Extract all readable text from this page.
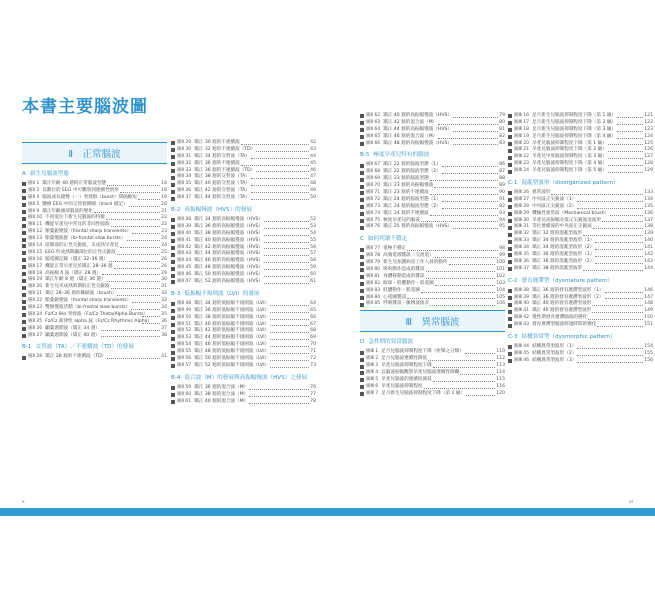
本書主要腦波圖
Ⅱ　正常腦波
A 新生兒腦波型態
圖Ⅱ 1 矯正年齡 40 週時正常腦波型態	18
圖Ⅱ 2 以數位的 EEG 中可觀察到連續性情形	18
圖Ⅱ 4 腦波成長趨勢（一）突發群（burst）間隔縮短	19
圖Ⅱ 5 醫療 EEG 中的交替週期圖（tracé 描記）	20
圖Ⅱ 9 矯正年齡頭部腦波的變化	21
圖Ⅱ 10 不同電位下新生兒腦波的特徵	22
圖Ⅱ 11 機能早產兒中常見的非同性腦波	22
圖Ⅱ 12 額葉銳變波（frontal sharp transients）	23
圖Ⅱ 13 額葉慢波群（bi-frontal slow bursts）	24
圖Ⅱ 14 前額部的正性尖銳波，未成熟早產兒	24
圖Ⅱ 15 EEG 所成熟期顳部位的正性尖銳波	25
圖Ⅱ 16 腦電圖記錄（矯正 32–36 週）	26
圖Ⅱ 17 機能正常早產兒於矯正 28–36 週	26
圖Ⅱ 18 高振幅 δ 波（矯正 28 週）	29
圖Ⅱ 19 矯正年齡 8 週（矯正 36 週）	30
圖Ⅱ 20 新生兒未成熟時期的正性尖銳波	31
圖Ⅱ 21 矯正 28–36 週的棘刷波（brush）	32
圖Ⅱ 22 額葉銳變波（frontal sharp transients）	32
圖Ⅱ 23 雙額慢波活動（bi-frontal slow bursts）	34
圖Ⅱ 24 Fz/Cz θ/α 突發波（Fz/Cz Theta/Alpha Bursts）	35
圖Ⅱ 25 Fz/Cz 節律性 alpha 波（Fz/Cz Rhythmic Alpha） 36
圖Ⅱ 26 顳葉週期波（矯正 34 週）	37
圖Ⅱ 27 顳葉週期波（矯正 40 週）	38
B-1 交替波（TA）／不連續波（TD）的發展
圖Ⅱ 28 矯正 28 週的不連續波（TD）	41
圖Ⅱ 29 矯正 30 週的不連續波	42
圖Ⅱ 30 矯正 32 週的不連續波（TD）	43
圖Ⅱ 31 矯正 34 週的交替波（TA）	44
圖Ⅱ 32 矯正 36 週的不連續波	45
圖Ⅱ 33 矯正 36 週的不連續波（TD）	46
圖Ⅱ 34 矯正 38 週的交替波（TA）	47
圖Ⅱ 35 矯正 40 週的交替波（TA）	48
圖Ⅱ 36 矯正 42 週的交替波（TA）	49
圖Ⅱ 37 矯正 44 週的交替波（TA）	50
B-2 高振幅慢波（HVS）的發展
圖Ⅱ 38 矯正 34 週的高振幅慢波（HVS）	52
圖Ⅱ 39 矯正 36 週的高振幅慢波（HVS）	53
圖Ⅱ 40 矯正 38 週的高振幅慢波（HVS）	54
圖Ⅱ 41 矯正 40 週的高振幅慢波（HVS）	55
圖Ⅱ 42 矯正 42 週的高振幅慢波（HVS）	56
圖Ⅱ 43 矯正 44 週的高振幅慢波（HVS）	57
圖Ⅱ 44 矯正 46 週的高振幅慢波（HVS）	58
圖Ⅱ 45 矯正 48 週的高振幅慢波（HVS）	59
圖Ⅱ 46 矯正 50 週的高振幅慢波（HVS）	60
圖Ⅱ 47 矯正 52 週的高振幅慢波（HVS）	61
B-3 低振幅不規則波（LVI）的發展
圖Ⅱ 48 矯正 34 週的低振幅不規則波（LVI）	64
圖Ⅱ 49 矯正 36 週的低振幅不規則波（LVI）	65
圖Ⅱ 50 矯正 38 週的低振幅不規則波（LVI）	66
圖Ⅱ 51 矯正 40 週的低振幅不規則波（LVI）	67
圖Ⅱ 52 矯正 42 週的低振幅不規則波（LVI）	68
圖Ⅱ 53 矯正 44 週的低振幅不規則波（LVI）	69
圖Ⅱ 54 矯正 46 週的低振幅不規則波（LVI）	70
圖Ⅱ 55 矯正 48 週的低振幅不規則波（LVI）	71
圖Ⅱ 56 矯正 50 週的低振幅不規則波（LVI）	72
圖Ⅱ 57 矯正 52 週的低振幅不規則波（LVI）	73
B-4 混合波（M）的發展與高振幅慢波（HVS）之發展
圖Ⅱ 59 矯正 36 週的混合波（M）	76
圖Ⅱ 60 矯正 38 週的混合波（M）	77
圖Ⅱ 61 矯正 40 週的混合波（M）	78
圖Ⅱ 62 矯正 40 週的高振幅慢波（HVS）	79
圖Ⅱ 63 矯正 42 週的混合波（M）	80
圖Ⅱ 64 矯正 44 週的高振幅慢波（HVS）	81
圖Ⅱ 65 矯正 46 週的混合波（M）	82
圖Ⅱ 66 矯正 48 週的高振幅慢波（HVS）	83
B-5 極度早產兒特有的腦波
圖Ⅱ 67 矯正 22 週的腦波型態（1）	86
圖Ⅱ 68 矯正 22 週的腦波型態（2）	87
圖Ⅱ 69 矯正 23 週的腦波型態	88
圖Ⅱ 70 矯正 23 週的高振幅慢波	89
圖Ⅱ 71 矯正 23 週的不連續波	90
圖Ⅱ 72 矯正 24 週的腦波型態（1）	91
圖Ⅱ 73 矯正 24 週的腦波型態（2）	92
圖Ⅱ 74 矯正 24 週的不連續波	93
圖Ⅱ 75 極度早產兒的腦波	94
圖Ⅱ 76 矯正 25 週的高振幅慢波（HVS）	95
C 如何判讀不穩定
圖Ⅱ 77 電極不穩定	98
圖Ⅱ 78 高頻電源雜訊（交流電）	99
圖Ⅱ 79 新生兒加護病房工作人員的動作	100
圖Ⅱ 80 吸吮動作造成的雜訊	101
圖Ⅱ 81 身體移動造成的雜訊	102
圖Ⅱ 82 眼球・肢體動作・肌電圖	103
圖Ⅱ 83 肢體動作・肌電圖	104
圖Ⅱ 84 心電圖雜訊	105
圖Ⅱ 85 呼吸雜訊・脈搏波偽差	106
Ⅲ　異常腦波
D 急性期的異常腦波
圖Ⅲ 1 足月兒腦波抑制程度下降（痙攣之分類）	110
圖Ⅲ 2 足月兒腦波連續性降低	112
圖Ⅲ 3 早產兒腦波抑制程度下降	113
圖Ⅲ 4 以腦波振幅觀察早產兒腦波連續性障礙	114
圖Ⅲ 5 早產兒腦波的連續度減低	115
圖Ⅲ 6 早產兒腦波抑制程度	116
圖Ⅲ 7 足月新生兒腦波抑制程度下降（第 1 級）	120
圖Ⅲ 16 足月新生兒腦波抑制程度下降（第 1 級）	121
圖Ⅲ 17 足月新生兒腦波抑制程度下降（第 2 級）	122
圖Ⅲ 18 足月新生兒腦波抑制程度下降（第 3 級）	123
圖Ⅲ 19 足月新生兒腦波抑制程度下降（第 4 級）	124
圖Ⅲ 20 早產兒腦波抑制程度下降（第 1 級）	125
圖Ⅲ 21 早產兒腦波抑制程度下降（第 2 級）	126
圖Ⅲ 22 早產兒中度腦波抑制程度（第 3 級）	127
圖Ⅲ 23 早產兒腦波抑制程度下降（第 4 級）	128
圖Ⅲ 24 早產兒腦波抑制程度下降（第 5 級）	129
C-1 混亂型波形（disorganized pattern）
圖Ⅲ 26 異常波形	133
圖Ⅲ 27 中央區正尖銳波（1）	134
圖Ⅲ 28 中央區正尖銳波（2）	135
圖Ⅲ 29 機械性異常波（Mechanical brush）	136
圖Ⅲ 30 早產兒高振幅及低正尖銳波浪波形	137
圖Ⅲ 31 等位連續波的中央區正尖銳波	138
圖Ⅲ 32 矯正 32 週的混亂型波形	139
圖Ⅲ 33 矯正 34 週的混亂型波形（1）	140
圖Ⅲ 34 矯正 34 週的混亂型波形（2）	141
圖Ⅲ 35 矯正 36 週的混亂型波形（1）	142
圖Ⅲ 36 矯正 36 週的混亂型波形（2）	143
圖Ⅲ 37 矯正 38 週的混亂型波形	144
C-2 發育遲滯型（dysmature pattern）
圖Ⅲ 38 矯正 36 週的發育遲滯型波形（1）	146
圖Ⅲ 39 矯正 36 週的發育遲滯型波形（2）	147
圖Ⅲ 40 矯正 40 週的發育遲滯型波形	148
圖Ⅲ 41 矯正 40 週的發育遲滯型波形	149
圖Ⅲ 42 慢性期發育遲滯腦波的變化	150
圖Ⅲ 43 發育遲滯型腦波經過時間的變化	151
C-3 結構異常型（dysmorphic pattern）
圖Ⅲ 44 結構異常型波形（1）	154
圖Ⅲ 45 結構異常型波形（2）	155
圖Ⅲ 46 結構異常型波形（3）	156
x	xi
